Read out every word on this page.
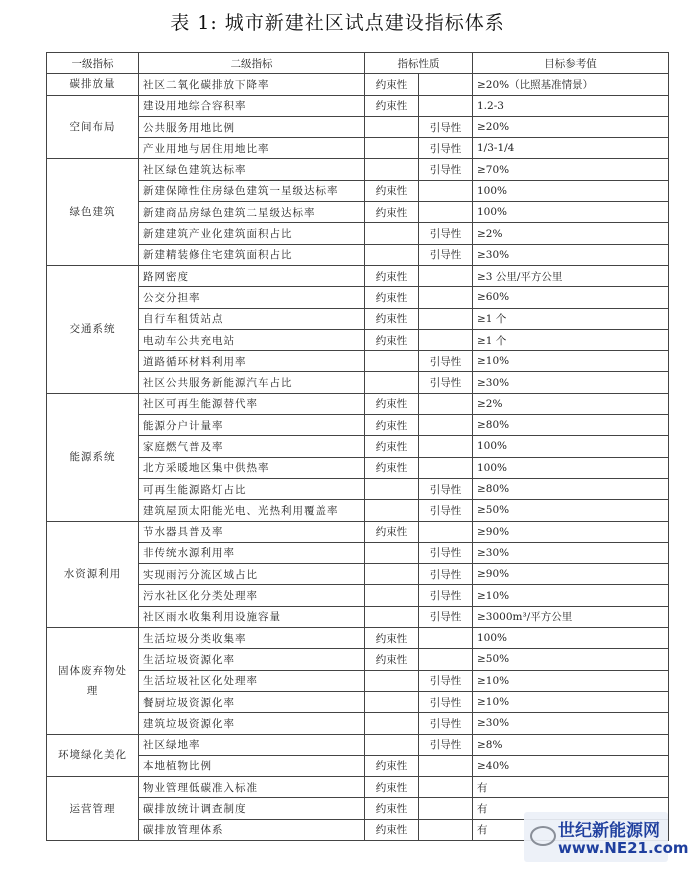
表 1: 城市新建社区试点建设指标体系
一级指标	二级指标	指标性质		目标参考值
碳排放量	社区二氧化碳排放下降率	约束性		≥20%（比照基准情景）
空间布局	建设用地综合容积率	约束性		1.2-3
	公共服务用地比例		引导性	≥20%
	产业用地与居住用地比率		引导性	1/3-1/4
绿色建筑	社区绿色建筑达标率		引导性	≥70%
	新建保障性住房绿色建筑一星级达标率	约束性		100%
	新建商品房绿色建筑二星级达标率	约束性		100%
	新建建筑产业化建筑面积占比		引导性	≥2%
	新建精装修住宅建筑面积占比		引导性	≥30%
交通系统	路网密度	约束性		≥3 公里/平方公里
	公交分担率	约束性		≥60%
	自行车租赁站点	约束性		≥1 个
	电动车公共充电站	约束性		≥1 个
	道路循环材料利用率		引导性	≥10%
	社区公共服务新能源汽车占比		引导性	≥30%
能源系统	社区可再生能源替代率	约束性		≥2%
	能源分户计量率	约束性		≥80%
	家庭燃气普及率	约束性		100%
	北方采暖地区集中供热率	约束性		100%
	可再生能源路灯占比		引导性	≥80%
	建筑屋顶太阳能光电、光热利用覆盖率		引导性	≥50%
水资源利用	节水器具普及率	约束性		≥90%
	非传统水源利用率		引导性	≥30%
	实现雨污分流区域占比		引导性	≥90%
	污水社区化分类处理率		引导性	≥10%
	社区雨水收集利用设施容量		引导性	≥3000m³/平方公里
固体废弃物处理	生活垃圾分类收集率	约束性		100%
	生活垃圾资源化率	约束性		≥50%
	生活垃圾社区化处理率		引导性	≥10%
	餐厨垃圾资源化率		引导性	≥10%
	建筑垃圾资源化率		引导性	≥30%
环境绿化美化	社区绿地率		引导性	≥8%
	本地植物比例	约束性		≥40%
运营管理	物业管理低碳准入标准	约束性		有
	碳排放统计调查制度	约束性		有
	碳排放管理体系	约束性		有	世纪新能源网
www.NE21.com
